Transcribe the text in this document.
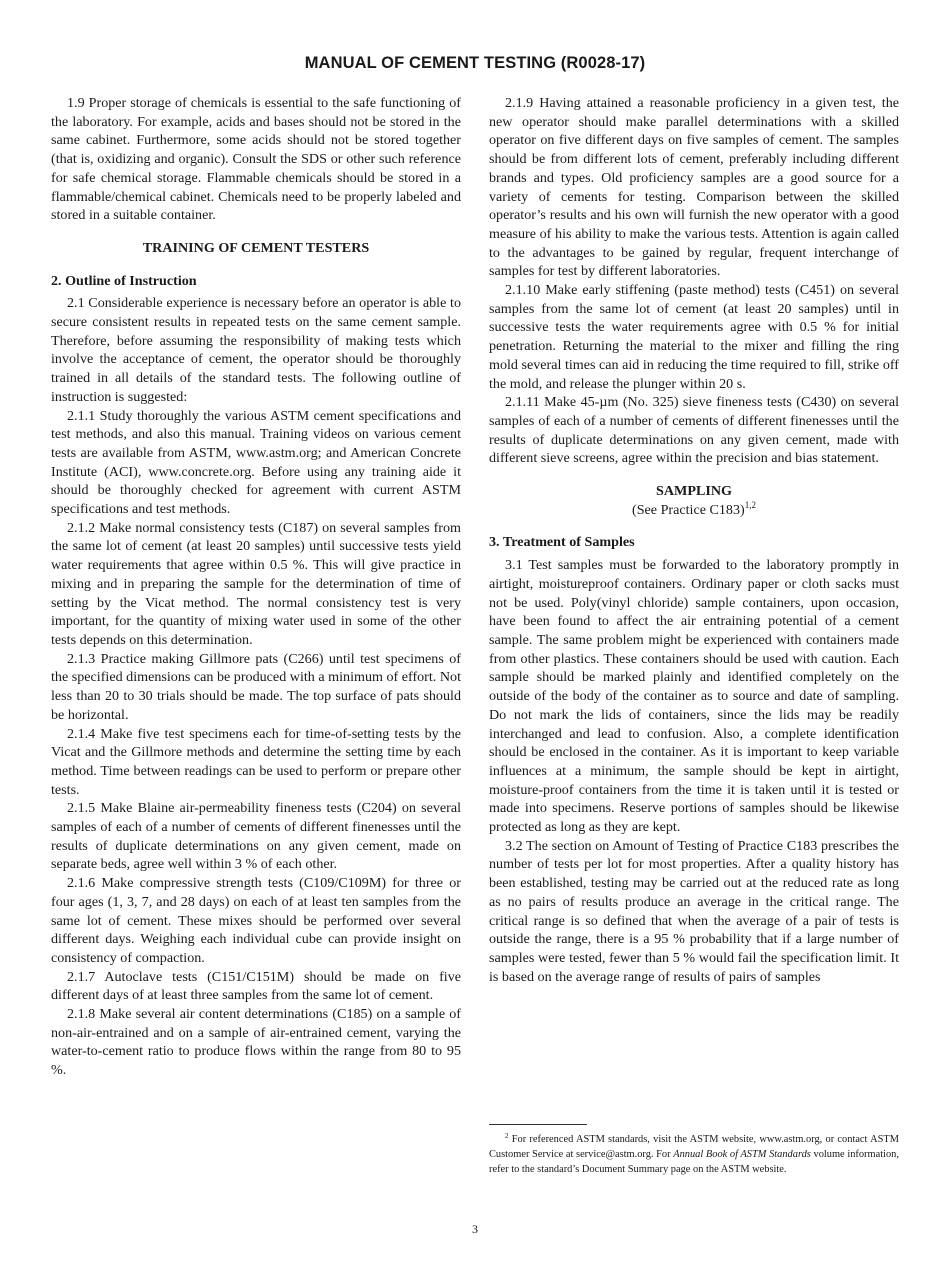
MANUAL OF CEMENT TESTING (R0028-17)

1.9 Proper storage of chemicals is essential to the safe functioning of the laboratory. For example, acids and bases should not be stored in the same cabinet. Furthermore, some acids should not be stored together (that is, oxidizing and organic). Consult the SDS or other such reference for safe chemical storage. Flammable chemicals should be stored in a flammable/chemical cabinet. Chemicals need to be properly labeled and stored in a suitable container.

TRAINING OF CEMENT TESTERS
2. Outline of Instruction

2.1 Considerable experience is necessary before an operator is able to secure consistent results in repeated tests on the same cement sample. Therefore, before assuming the responsibility of making tests which involve the acceptance of cement, the operator should be thoroughly trained in all details of the standard tests. The following outline of instruction is suggested:

2.1.1 Study thoroughly the various ASTM cement specifications and test methods, and also this manual. Training videos on various cement tests are available from ASTM, www.astm.org; and American Concrete Institute (ACI), www.concrete.org. Before using any training aide it should be thoroughly checked for agreement with current ASTM specifications and test methods.

2.1.2 Make normal consistency tests (C187) on several samples from the same lot of cement (at least 20 samples) until successive tests yield water requirements that agree within 0.5 %. This will give practice in mixing and in preparing the sample for the determination of time of setting by the Vicat method. The normal consistency test is very important, for the quantity of mixing water used in some of the other tests depends on this determination.

2.1.3 Practice making Gillmore pats (C266) until test specimens of the specified dimensions can be produced with a minimum of effort. Not less than 20 to 30 trials should be made. The top surface of pats should be horizontal.

2.1.4 Make five test specimens each for time-of-setting tests by the Vicat and the Gillmore methods and determine the setting time by each method. Time between readings can be used to perform or prepare other tests.

2.1.5 Make Blaine air-permeability fineness tests (C204) on several samples of each of a number of cements of different finenesses until the results of duplicate determinations on any given cement, made on separate beds, agree well within 3 % of each other.

2.1.6 Make compressive strength tests (C109/C109M) for three or four ages (1, 3, 7, and 28 days) on each of at least ten samples from the same lot of cement. These mixes should be performed over several different days. Weighing each individual cube can provide insight on consistency of compaction.

2.1.7 Autoclave tests (C151/C151M) should be made on five different days of at least three samples from the same lot of cement.

2.1.8 Make several air content determinations (C185) on a sample of non-air-entrained and on a sample of air-entrained cement, varying the water-to-cement ratio to produce flows within the range from 80 to 95 %.

2.1.9 Having attained a reasonable proficiency in a given test, the new operator should make parallel determinations with a skilled operator on five different days on five samples of cement. The samples should be from different lots of cement, preferably including different brands and types. Old proficiency samples are a good source for a variety of cements for testing. Comparison between the skilled operator’s results and his own will furnish the new operator with a good measure of his ability to make the various tests. Attention is again called to the advantages to be gained by regular, frequent interchange of samples for test by different laboratories.

2.1.10 Make early stiffening (paste method) tests (C451) on several samples from the same lot of cement (at least 20 samples) until in successive tests the water requirements agree with 0.5 % for initial penetration. Returning the material to the mixer and filling the ring mold several times can aid in reducing the time required to fill, strike off the mold, and release the plunger within 20 s.

2.1.11 Make 45-µm (No. 325) sieve fineness tests (C430) on several samples of each of a number of cements of different finenesses until the results of duplicate determinations on any given cement, made with different sieve screens, agree within the precision and bias statement.

SAMPLING
(See Practice C183)$^{1,2}$
3. Treatment of Samples

3.1 Test samples must be forwarded to the laboratory promptly in airtight, moistureproof containers. Ordinary paper or cloth sacks must not be used. Poly(vinyl chloride) sample containers, upon occasion, have been found to affect the air entraining potential of a cement sample. The same problem might be experienced with containers made from other plastics. These containers should be used with caution. Each sample should be marked plainly and identified completely on the outside of the body of the container as to source and date of sampling. Do not mark the lids of containers, since the lids may be readily interchanged and lead to confusion. Also, a complete identification should be enclosed in the container. As it is important to keep variable influences at a minimum, the sample should be kept in airtight, moisture-proof containers from the time it is taken until it is tested or made into specimens. Reserve portions of samples should be likewise protected as long as they are kept.

3.2 The section on Amount of Testing of Practice C183 prescribes the number of tests per lot for most properties. After a quality history has been established, testing may be carried out at the reduced rate as long as no pairs of results produce an average in the critical range. The critical range is so defined that when the average of a pair of tests is outside the range, there is a 95 % probability that if a large number of samples were tested, fewer than 5 % would fail the specification limit. It is based on the average range of results of pairs of samples

$^2$ For referenced ASTM standards, visit the ASTM website, www.astm.org, or contact ASTM Customer Service at service@astm.org. For Annual Book of ASTM Standards volume information, refer to the standard’s Document Summary page on the ASTM website.
3
